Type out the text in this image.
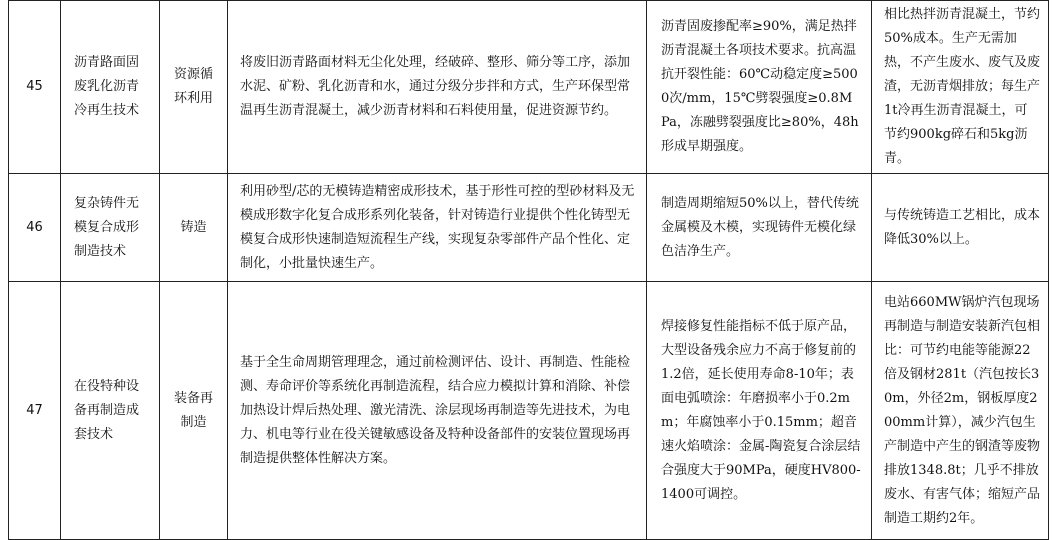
45	沥青路面固废乳化沥青冷再生技术	资源循环利用	将废旧沥青路面材料无尘化处理，经破碎、整形、筛分等工序，添加水泥、矿粉、乳化沥青和水，通过分级分步拌和方式，生产环保型常温再生沥青混凝土，减少沥青材料和石料使用量，促进资源节约。	沥青固废掺配率≥90%，满足热拌沥青混凝土各项技术要求。抗高温抗开裂性能：60℃动稳定度≥5000次/mm，15℃劈裂强度≥0.8MPa，冻融劈裂强度比≥80%，48h形成早期强度。	相比热拌沥青混凝土，节约50%成本。生产无需加热，不产生废水、废气及废渣，无沥青烟排放；每生产1t冷再生沥青混凝土，可节约900kg碎石和5kg沥青。
46	复杂铸件无模复合成形制造技术	铸造	利用砂型/芯的无模铸造精密成形技术，基于形性可控的型砂材料及无模成形数字化复合成形系列化装备，针对铸造行业提供个性化铸型无模复合成形快速制造短流程生产线，实现复杂零部件产品个性化、定制化，小批量快速生产。	制造周期缩短50%以上，替代传统金属模及木模，实现铸件无模化绿色洁净生产。	与传统铸造工艺相比，成本降低30%以上。
47	在役特种设备再制造成套技术	装备再制造	基于全生命周期管理理念，通过前检测评估、设计、再制造、性能检测、寿命评价等系统化再制造流程，结合应力模拟计算和消除、补偿加热设计焊后热处理、激光清洗、涂层现场再制造等先进技术，为电力、机电等行业在役关键敏感设备及特种设备部件的安装位置现场再制造提供整体性解决方案。	焊接修复性能指标不低于原产品，大型设备残余应力不高于修复前的1.2倍，延长使用寿命8-10年；表面电弧喷涂：年磨损率小于0.2mm；年腐蚀率小于0.15mm；超音速火焰喷涂：金属-陶瓷复合涂层结合强度大于90MPa，硬度HV800-1400可调控。	电站660MW锅炉汽包现场再制造与制造安装新汽包相比：可节约电能等能源22倍及钢材281t（汽包按长30m，外径2m，钢板厚度200mm计算），减少汽包生产制造中产生的钢渣等废物排放1348.8t；几乎不排放废水、有害气体；缩短产品制造工期约2年。
